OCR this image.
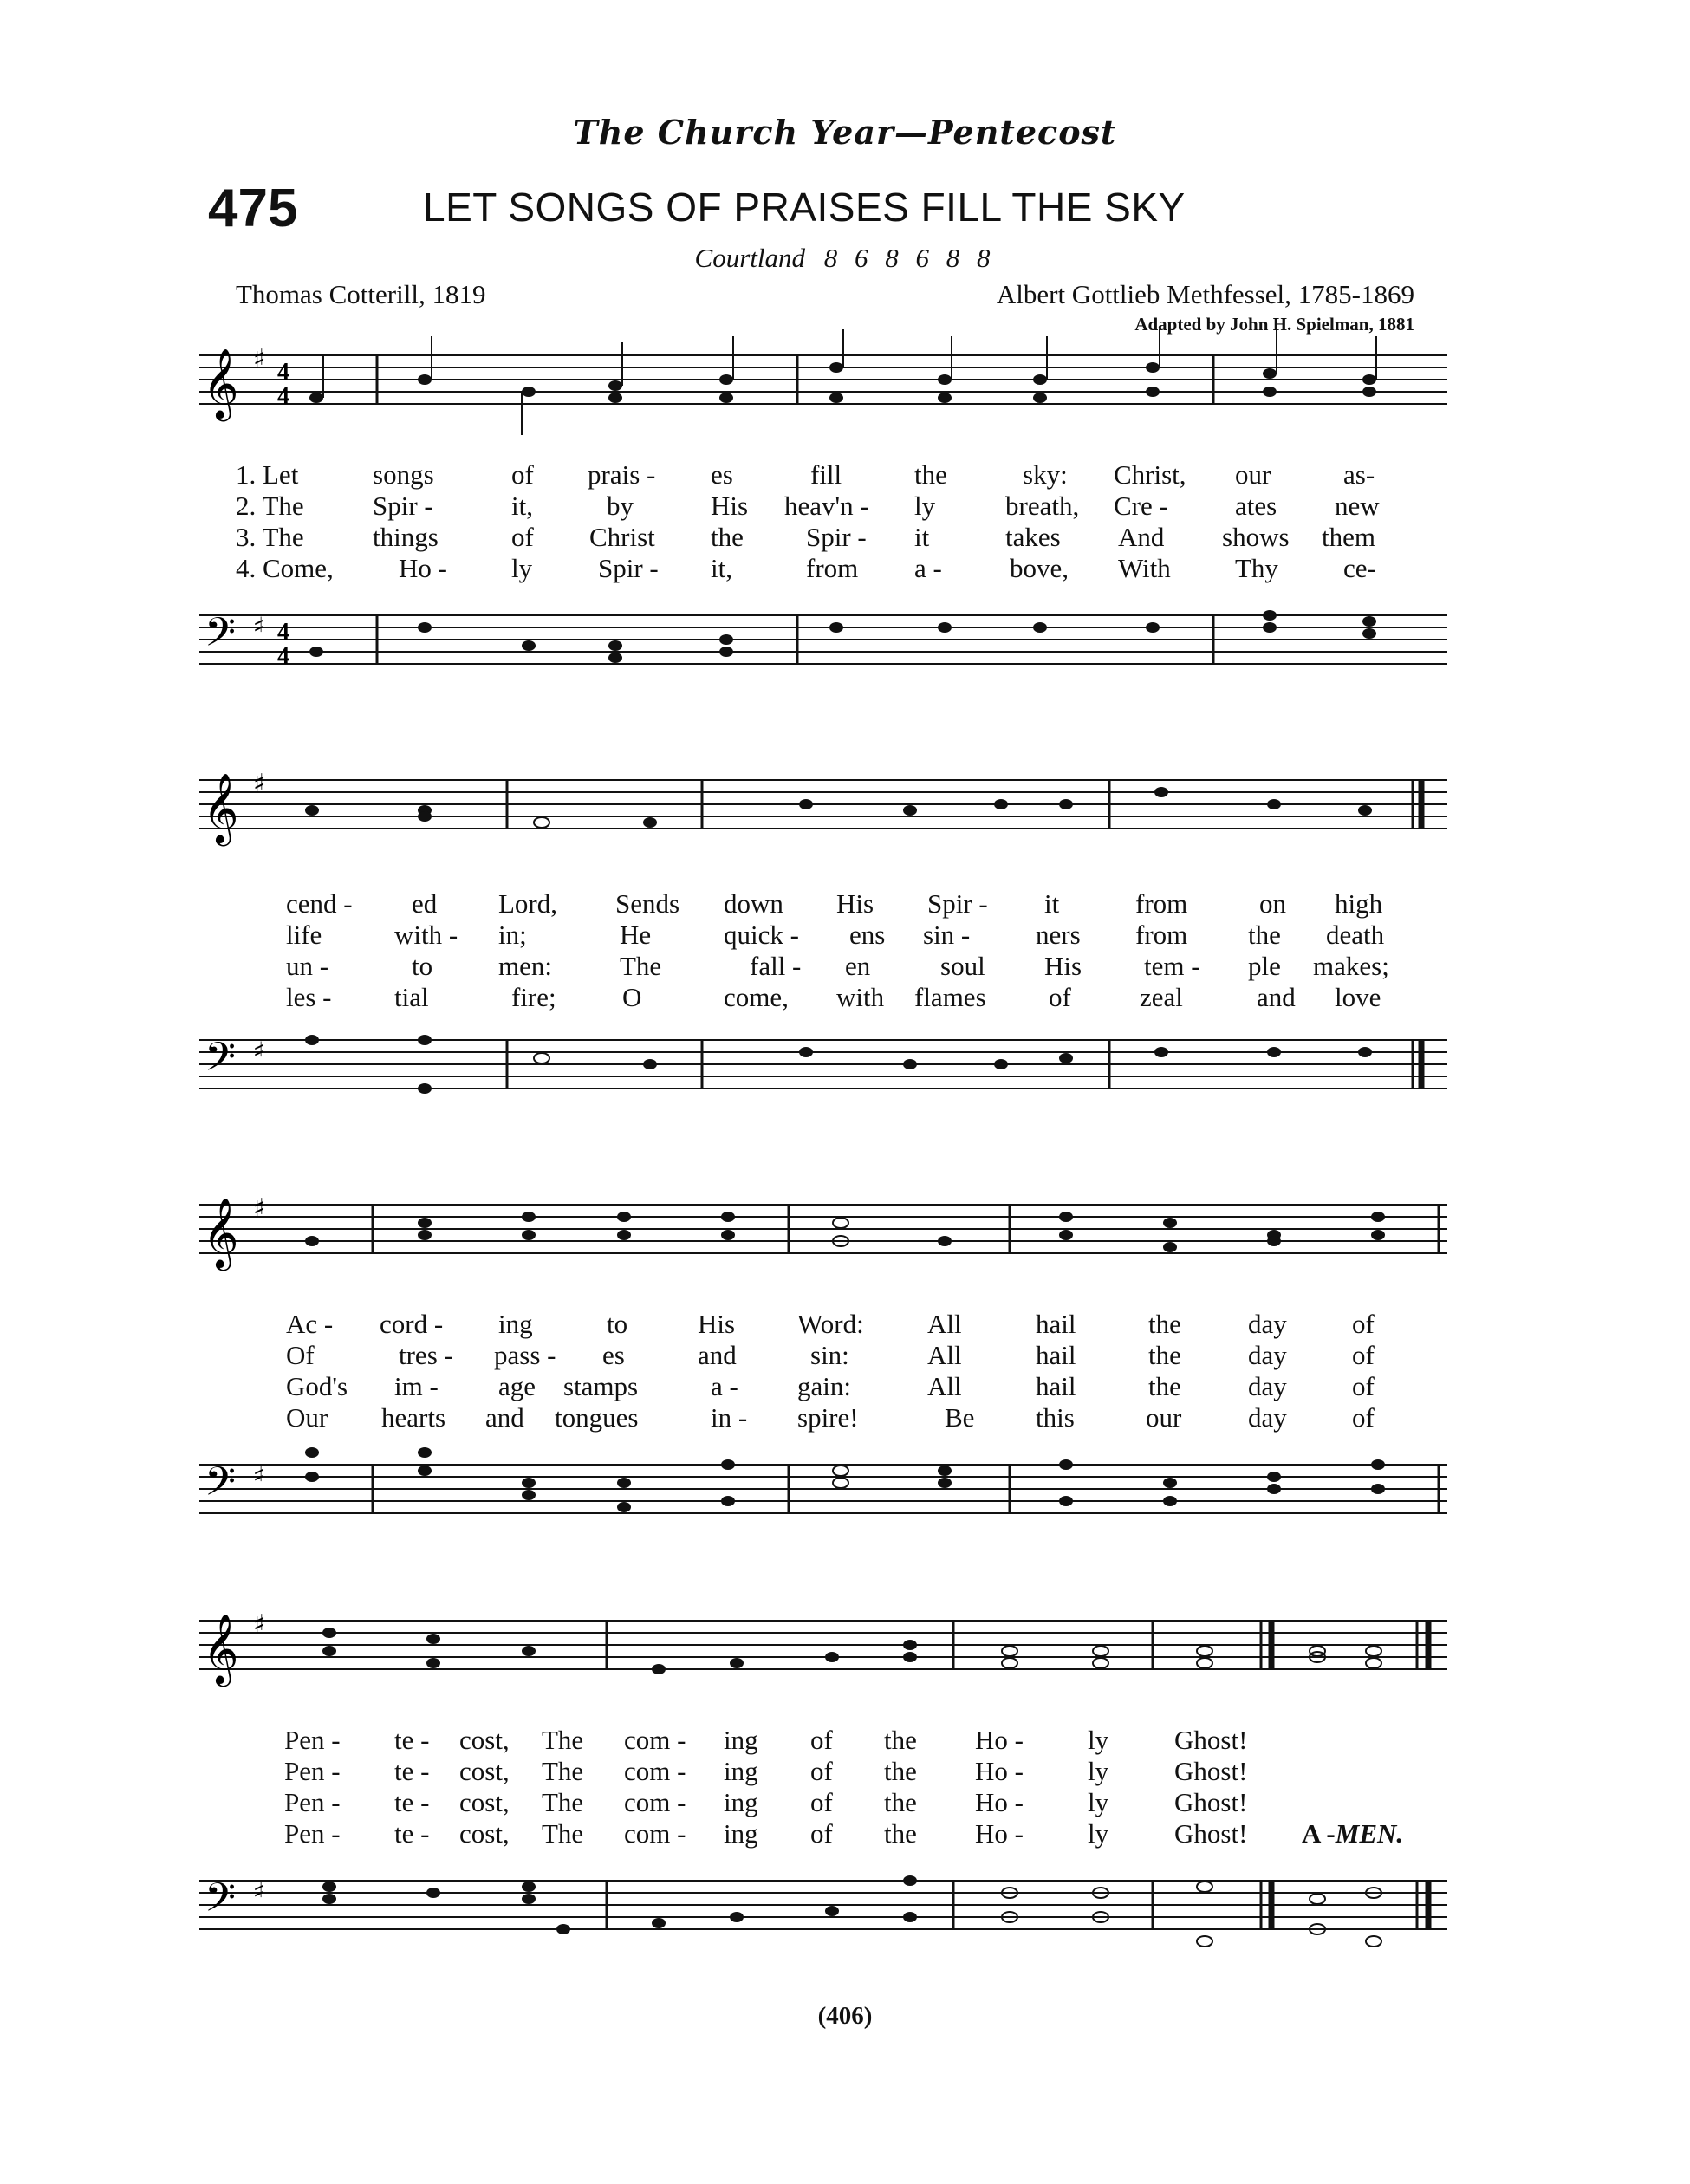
The Church Year—Pentecost
475	LET SONGS OF PRAISES FILL THE SKY
Courtland 8 6 8 6 8 8
Thomas Cotterill, 1819	Albert Gottlieb Methfessel, 1785-1869
Adapted by John H. Spielman, 1881
𝄞 ♯ 4
4
1. Let	songs	of prais - es	fill	the	sky: Christ, our	as-
2. The	Spir -	it,	by	His heav'n - ly	breath, Cre - ates new
3. The	things	of Christ the Spir - it	takes And shows them
4. Come, Ho - ly Spir - it,	from a -	bove, With Thy ce-
𝄢 ♯ 4
4
𝄞 ♯
cend - ed Lord, Sends down His Spir - it	from	on high
life	with - in;	He	quick - ens sin - ners from the death
un -	to men:	The	fall - en	soul His tem - ple makes;
les - tial	fire; O	come, with flames of	zeal	and love
𝄢 ♯
𝄞 ♯
Ac - cord - ing	to	His Word: All	hail	the day of
Of	tres - pass - es	and	sin:	All	hail	the day of
God's im - age stamps	a - gain:	All	hail	the day of
Our hearts and tongues	in - spire!	Be this	our day of
𝄢 ♯
𝄞 ♯
Pen - te - cost, The com - ing of the Ho - ly Ghost!
Pen - te - cost, The com - ing of the Ho - ly Ghost!
Pen - te - cost, The com - ing of the Ho - ly Ghost!
Pen - te - cost, The com - ing of the Ho - ly Ghost! A -MEN.
𝄢 ♯
(406)
